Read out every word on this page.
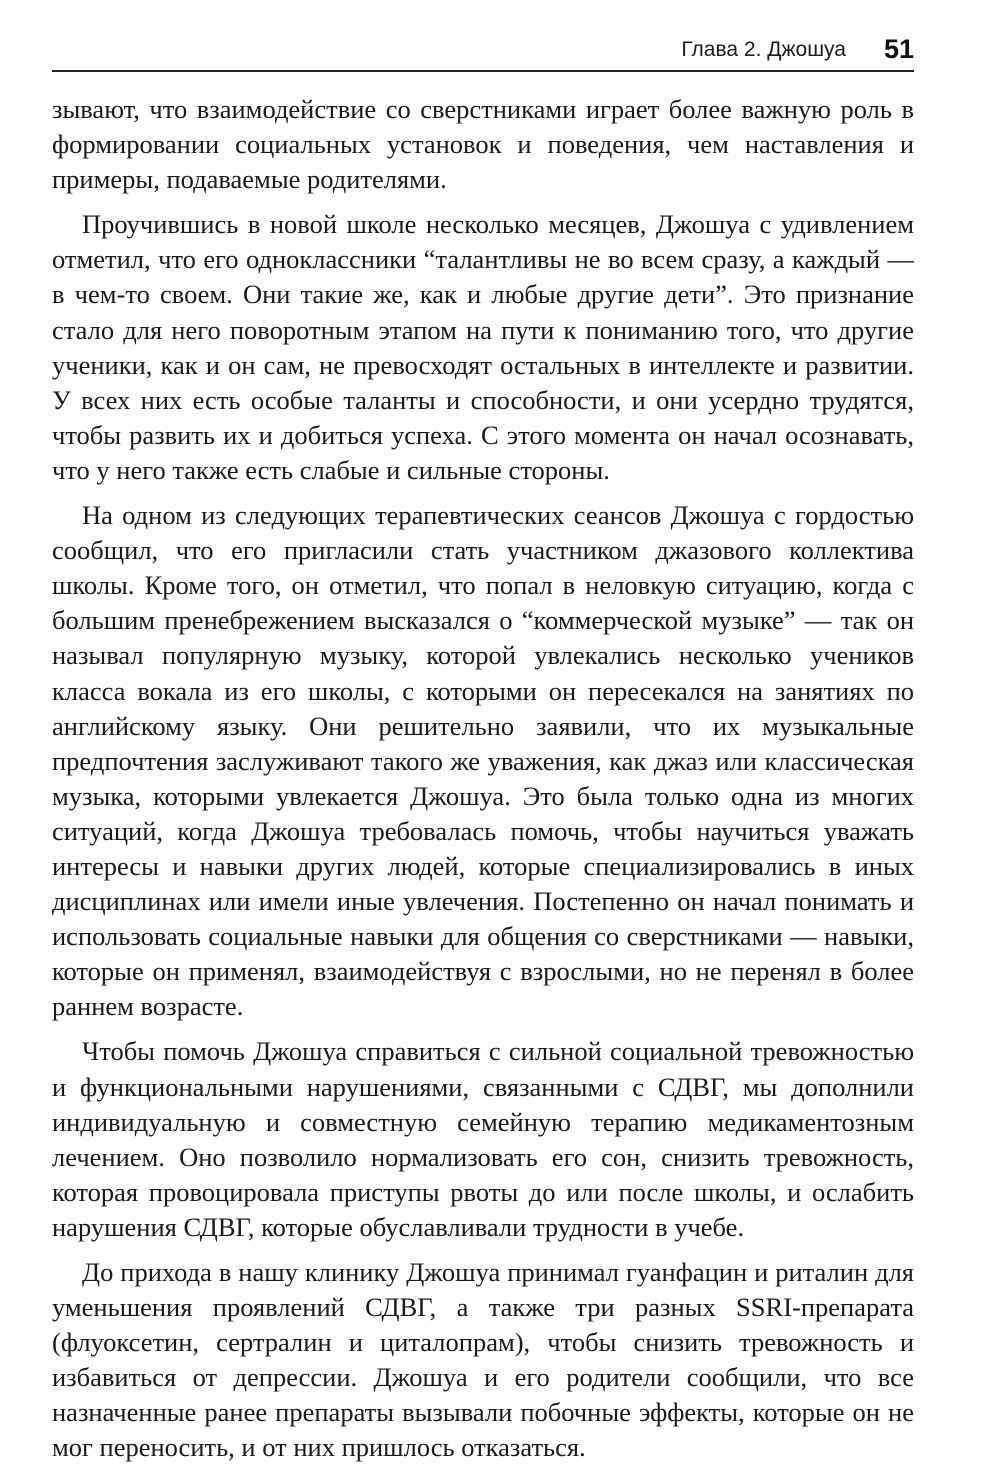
Глава 2. Джошуа 51

зывают, что взаимодействие со сверстниками играет более важную роль в формировании социальных установок и поведения, чем наставления и примеры, подаваемые родителями.

Проучившись в новой школе несколько месяцев, Джошуа с удивлением отметил, что его одноклассники “талантливы не во всем сразу, а каждый — в чем-то своем. Они такие же, как и любые другие дети”. Это признание стало для него поворотным этапом на пути к пониманию того, что другие ученики, как и он сам, не превосходят остальных в интеллекте и развитии. У всех них есть особые таланты и способности, и они усердно трудятся, чтобы развить их и добиться успеха. С этого момента он начал осознавать, что у него также есть слабые и сильные стороны.

На одном из следующих терапевтических сеансов Джошуа с гордостью сообщил, что его пригласили стать участником джазового коллектива школы. Кроме того, он отметил, что попал в неловкую ситуацию, когда с большим пренебрежением высказался о “коммерческой музыке” — так он называл популярную музыку, которой увлекались несколько учеников класса вокала из его школы, с которыми он пересекался на занятиях по английскому языку. Они решительно заявили, что их музыкальные предпочтения заслуживают такого же уважения, как джаз или классическая музыка, которыми увлекается Джошуа. Это была только одна из многих ситуаций, когда Джошуа требовалась помочь, чтобы научиться уважать интересы и навыки других людей, которые специализировались в иных дисциплинах или имели иные увлечения. Постепенно он начал понимать и использовать социальные навыки для общения со сверстниками — навыки, которые он применял, взаимодействуя с взрослыми, но не перенял в более раннем возрасте.

Чтобы помочь Джошуа справиться с сильной социальной тревожностью и функциональными нарушениями, связанными с СДВГ, мы дополнили индивидуальную и совместную семейную терапию медикаментозным лечением. Оно позволило нормализовать его сон, снизить тревожность, которая провоцировала приступы рвоты до или после школы, и ослабить нарушения СДВГ, которые обуславливали трудности в учебе.

До прихода в нашу клинику Джошуа принимал гуанфацин и риталин для уменьшения проявлений СДВГ, а также три разных SSRI-препарата (флуоксетин, сертралин и циталопрам), чтобы снизить тревожность и избавиться от депрессии. Джошуа и его родители сообщили, что все назначенные ранее препараты вызывали побочные эффекты, которые он не мог переносить, и от них пришлось отказаться.
